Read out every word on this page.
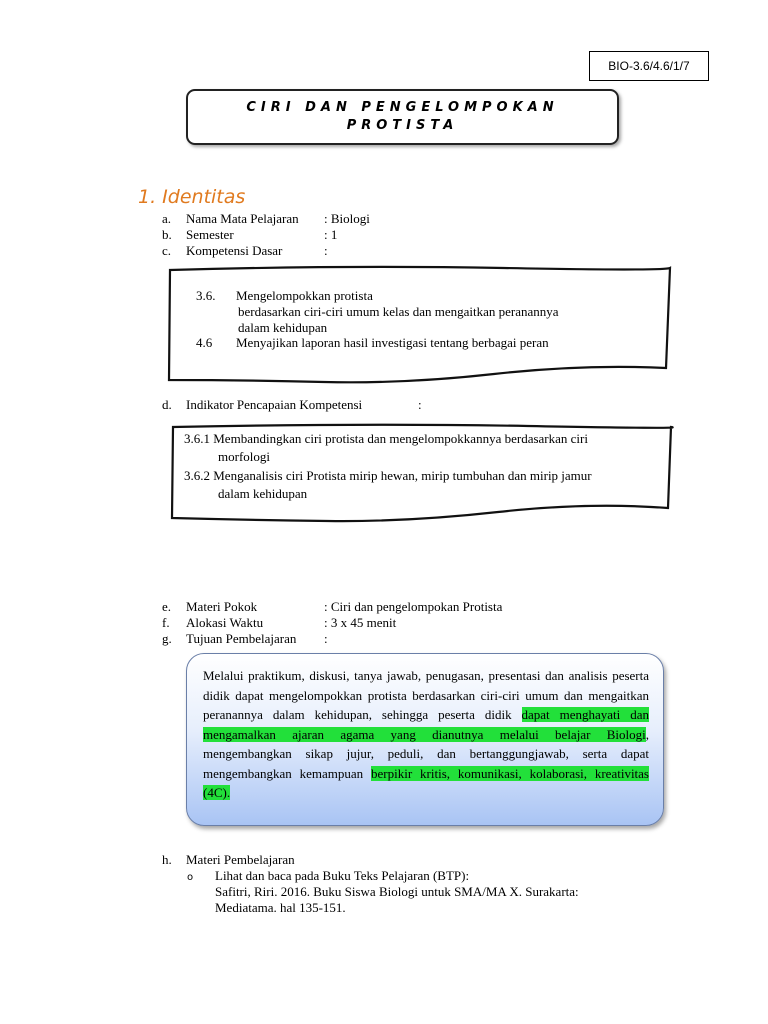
BIO-3.6/4.6/1/7
CIRI DAN PENGELOMPOKAN
PROTISTA
1. Identitas
a. Nama Mata Pelajaran : Biologi
b. Semester	: 1
c. Kompetensi Dasar	:
3.6. Mengelompokkan protista
berdasarkan ciri-ciri umum kelas dan mengaitkan peranannya
dalam kehidupan
4.6 Menyajikan laporan hasil investigasi tentang berbagai peran
d. Indikator Pencapaian Kompetensi	:
3.6.1 Membandingkan ciri protista dan mengelompokkannya berdasarkan ciri
morfologi
3.6.2 Menganalisis ciri Protista mirip hewan, mirip tumbuhan dan mirip jamur
dalam kehidupan
e. Materi Pokok	: Ciri dan pengelompokan Protista
f. Alokasi Waktu	: 3 x 45 menit
g. Tujuan Pembelajaran :
Melalui praktikum, diskusi, tanya jawab, penugasan, presentasi dan analisis peserta didik dapat mengelompokkan protista berdasarkan ciri-ciri umum dan mengaitkan peranannya dalam kehidupan, sehingga peserta didik dapat menghayati dan mengamalkan ajaran agama yang dianutnya melalui belajar Biologi, mengembangkan sikap jujur, peduli, dan bertanggungjawab, serta dapat mengembangkan kemampuan berpikir kritis, komunikasi, kolaborasi, kreativitas (4C).
h. Materi Pembelajaran
o Lihat dan baca pada Buku Teks Pelajaran (BTP):
Safitri, Riri. 2016. Buku Siswa Biologi untuk SMA/MA X. Surakarta:
Mediatama. hal 135-151.
